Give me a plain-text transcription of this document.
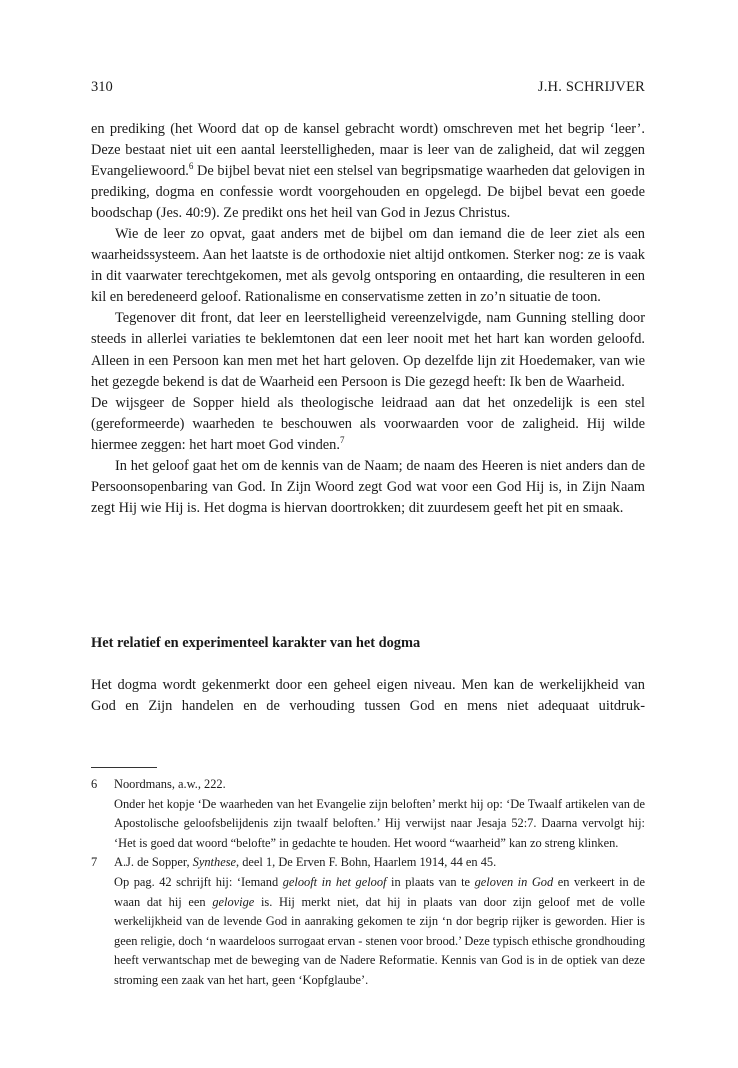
310	J.H. SCHRIJVER

en prediking (het Woord dat op de kansel gebracht wordt) omschreven met het begrip ‘leer’. Deze bestaat niet uit een aantal leerstelligheden, maar is leer van de zaligheid, dat wil zeggen Evangeliewoord.$^6$ De bijbel bevat niet een stelsel van begripsmatige waarheden dat gelovigen in prediking, dogma en confessie wordt voorgehouden en opgelegd. De bijbel bevat een goede boodschap (Jes. 40:9). Ze predikt ons het heil van God in Jezus Christus.

Wie de leer zo opvat, gaat anders met de bijbel om dan iemand die de leer ziet als een waarheidssysteem. Aan het laatste is de orthodoxie niet altijd ontkomen. Sterker nog: ze is vaak in dit vaarwater terechtgekomen, met als gevolg ontsporing en ontaarding, die resulteren in een kil en beredeneerd geloof. Rationalisme en conservatisme zetten in zo’n situatie de toon.

Tegenover dit front, dat leer en leerstelligheid vereenzelvigde, nam Gunning stelling door steeds in allerlei variaties te beklemtonen dat een leer nooit met het hart kan worden geloofd. Alleen in een Persoon kan men met het hart geloven. Op dezelfde lijn zit Hoedemaker, van wie het gezegde bekend is dat de Waarheid een Persoon is Die gezegd heeft: Ik ben de Waarheid.

De wijsgeer de Sopper hield als theologische leidraad aan dat het onzedelijk is een stel (gereformeerde) waarheden te beschouwen als voorwaarden voor de zaligheid. Hij wilde hiermee zeggen: het hart moet God vinden.$^7$

In het geloof gaat het om de kennis van de Naam; de naam des Heeren is niet anders dan de Persoonsopenbaring van God. In Zijn Woord zegt God wat voor een God Hij is, in Zijn Naam zegt Hij wie Hij is. Het dogma is hiervan doortrokken; dit zuurdesem geeft het pit en smaak.

Het relatief en experimenteel karakter van het dogma

Het dogma wordt gekenmerkt door een geheel eigen niveau. Men kan de werkelijkheid van God en Zijn handelen en de verhouding tussen God en mens niet adequaat uitdruk-

6 Noordmans, a.w., 222.

Onder het kopje ‘De waarheden van het Evangelie zijn beloften’ merkt hij op: ‘De Twaalf artikelen van de Apostolische geloofsbelijdenis zijn twaalf beloften.’ Hij verwijst naar Jesaja 52:7. Daarna vervolgt hij: ‘Het is goed dat woord “belofte” in gedachte te houden. Het woord “waarheid” kan zo streng klinken.

7 A.J. de Sopper, Synthese, deel 1, De Erven F. Bohn, Haarlem 1914, 44 en 45.

Op pag. 42 schrijft hij: ‘Iemand gelooft in het geloof in plaats van te geloven in God en verkeert in de waan dat hij een gelovige is. Hij merkt niet, dat hij in plaats van door zijn geloof met de volle werkelijkheid van de levende God in aanraking gekomen te zijn ‘n dor begrip rijker is geworden. Hier is geen religie, doch ‘n waardeloos surrogaat ervan - stenen voor brood.’ Deze typisch ethische grondhouding heeft verwantschap met de beweging van de Nadere Reformatie. Kennis van God is in de optiek van deze stroming een zaak van het hart, geen ‘Kopfglaube’.
